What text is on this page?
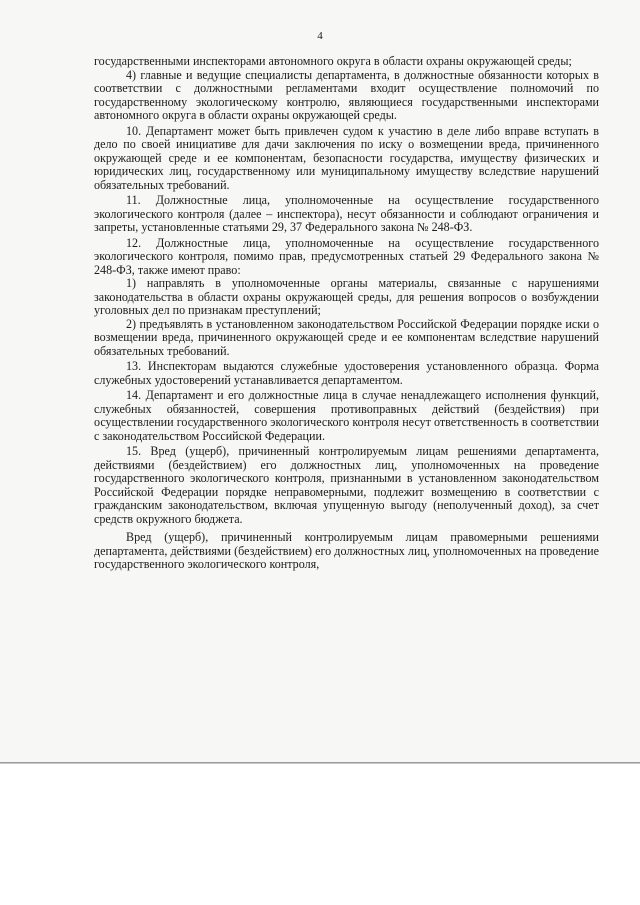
4

государственными инспекторами автономного округа в области охраны окружающей среды;

4) главные и ведущие специалисты департамента, в должностные обязанности которых в соответствии с должностными регламентами входит осуществление полномочий по государственному экологическому контролю, являющиеся государственными инспекторами автономного округа в области охраны окружающей среды.

10. Департамент может быть привлечен судом к участию в деле либо вправе вступать в дело по своей инициативе для дачи заключения по иску о возмещении вреда, причиненного окружающей среде и ее компонентам, безопасности государства, имуществу физических и юридических лиц, государственному или муниципальному имуществу вследствие нарушений обязательных требований.

11. Должностные лица, уполномоченные на осуществление государственного экологического контроля (далее – инспектора), несут обязанности и соблюдают ограничения и запреты, установленные статьями 29, 37 Федерального закона № 248-ФЗ.

12. Должностные лица, уполномоченные на осуществление государственного экологического контроля, помимо прав, предусмотренных статьей 29 Федерального закона № 248-ФЗ, также имеют право:

1) направлять в уполномоченные органы материалы, связанные с нарушениями законодательства в области охраны окружающей среды, для решения вопросов о возбуждении уголовных дел по признакам преступлений;

2) предъявлять в установленном законодательством Российской Федерации порядке иски о возмещении вреда, причиненного окружающей среде и ее компонентам вследствие нарушений обязательных требований.

13. Инспекторам выдаются служебные удостоверения установленного образца. Форма служебных удостоверений устанавливается департаментом.

14. Департамент и его должностные лица в случае ненадлежащего исполнения функций, служебных обязанностей, совершения противоправных действий (бездействия) при осуществлении государственного экологического контроля несут ответственность в соответствии с законодательством Российской Федерации.

15. Вред (ущерб), причиненный контролируемым лицам решениями департамента, действиями (бездействием) его должностных лиц, уполномоченных на проведение государственного экологического контроля, признанными в установленном законодательством Российской Федерации порядке неправомерными, подлежит возмещению в соответствии с гражданским законодательством, включая упущенную выгоду (неполученный доход), за счет средств окружного бюджета.

Вред (ущерб), причиненный контролируемым лицам правомерными решениями департамента, действиями (бездействием) его должностных лиц, уполномоченных на проведение государственного экологического контроля,
